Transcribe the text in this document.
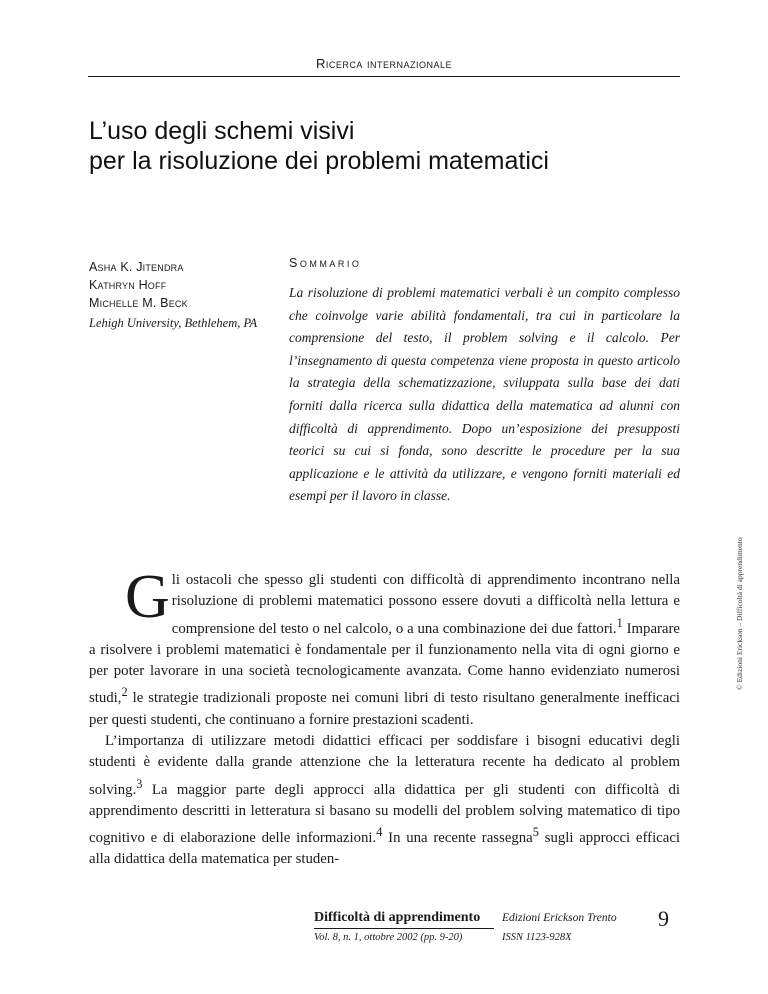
Ricerca internazionale
L’uso degli schemi visivi
per la risoluzione dei problemi matematici
Asha K. Jitendra
Kathryn Hoff
Michelle M. Beck
Lehigh University, Bethlehem, PA
Sommario

La risoluzione di problemi matematici verbali è un compito complesso che coinvolge varie abilità fondamentali, tra cui in particolare la comprensione del testo, il problem solving e il calcolo. Per l’insegnamento di questa competenza viene proposta in questo articolo la strategia della schematizzazione, sviluppata sulla base dei dati forniti dalla ricerca sulla didattica della matematica ad alunni con difficoltà di apprendimento. Dopo un’esposizione dei presupposti teorici su cui si fonda, sono descritte le procedure per la sua applicazione e le attività da utilizzare, e vengono forniti materiali ed esempi per il lavoro in classe.

Gli ostacoli che spesso gli studenti con difficoltà di apprendimento incontrano nella risoluzione di problemi matematici possono essere dovuti a difficoltà nella lettura e comprensione del testo o nel calcolo, o a una combinazione dei due fattori.$^1$ Imparare a risolvere i problemi matematici è fondamentale per il funzionamento nella vita di ogni giorno e per poter lavorare in una società tecnologicamente avanzata. Come hanno evidenziato numerosi studi,$^2$ le strategie tradizionali proposte nei comuni libri di testo risultano generalmente inefficaci per questi studenti, che continuano a fornire prestazioni scadenti.

L’importanza di utilizzare metodi didattici efficaci per soddisfare i bisogni educativi degli studenti è evidente dalla grande attenzione che la letteratura recente ha dedicato al problem solving.$^3$ La maggior parte degli approcci alla didattica per gli studenti con difficoltà di apprendimento descritti in letteratura si basano su modelli del problem solving matematico di tipo cognitivo e di elaborazione delle informazioni.$^4$ In una recente rassegna$^5$ sugli approcci efficaci alla didattica della matematica per studen-

© Edizioni Erickson – Difficoltà di apprendimento
Difficoltà di apprendimento
Vol. 8, n. 1, ottobre 2002 (pp. 9-20)
Edizioni Erickson Trento
ISSN 1123-928X
9
